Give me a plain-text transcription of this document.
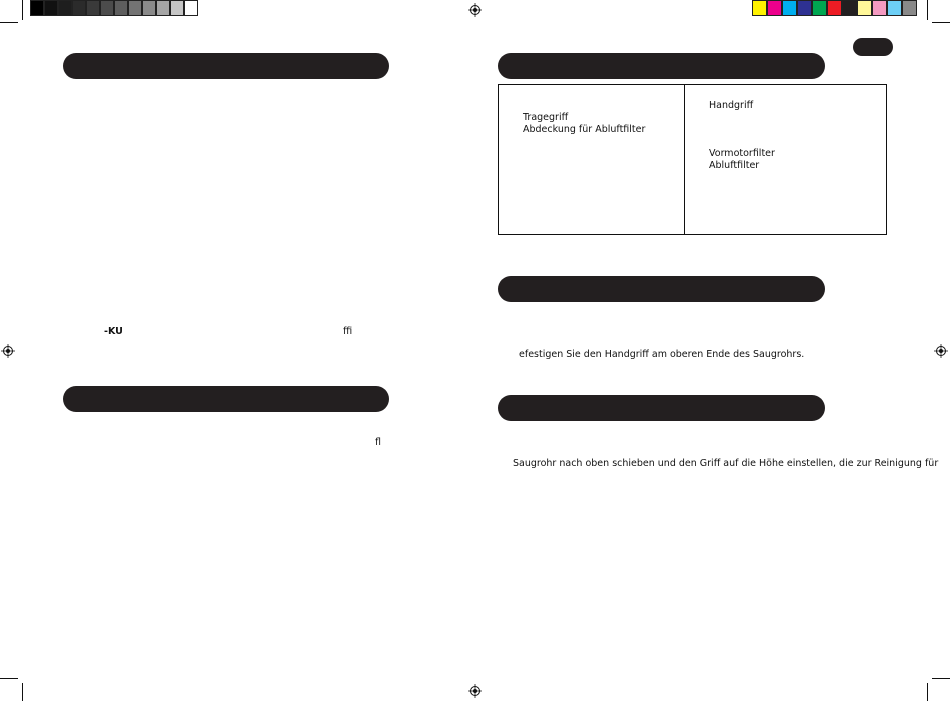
-KU	ffi
fl
Tragegriff
Abdeckung für Abluftfilter
Handgriff
Vormotorfilter
Abluftfilter
efestigen Sie den Handgriff am oberen Ende des Saugrohrs.
Saugrohr nach oben schieben und den Griff auf die Höhe einstellen, die zur Reinigung für
